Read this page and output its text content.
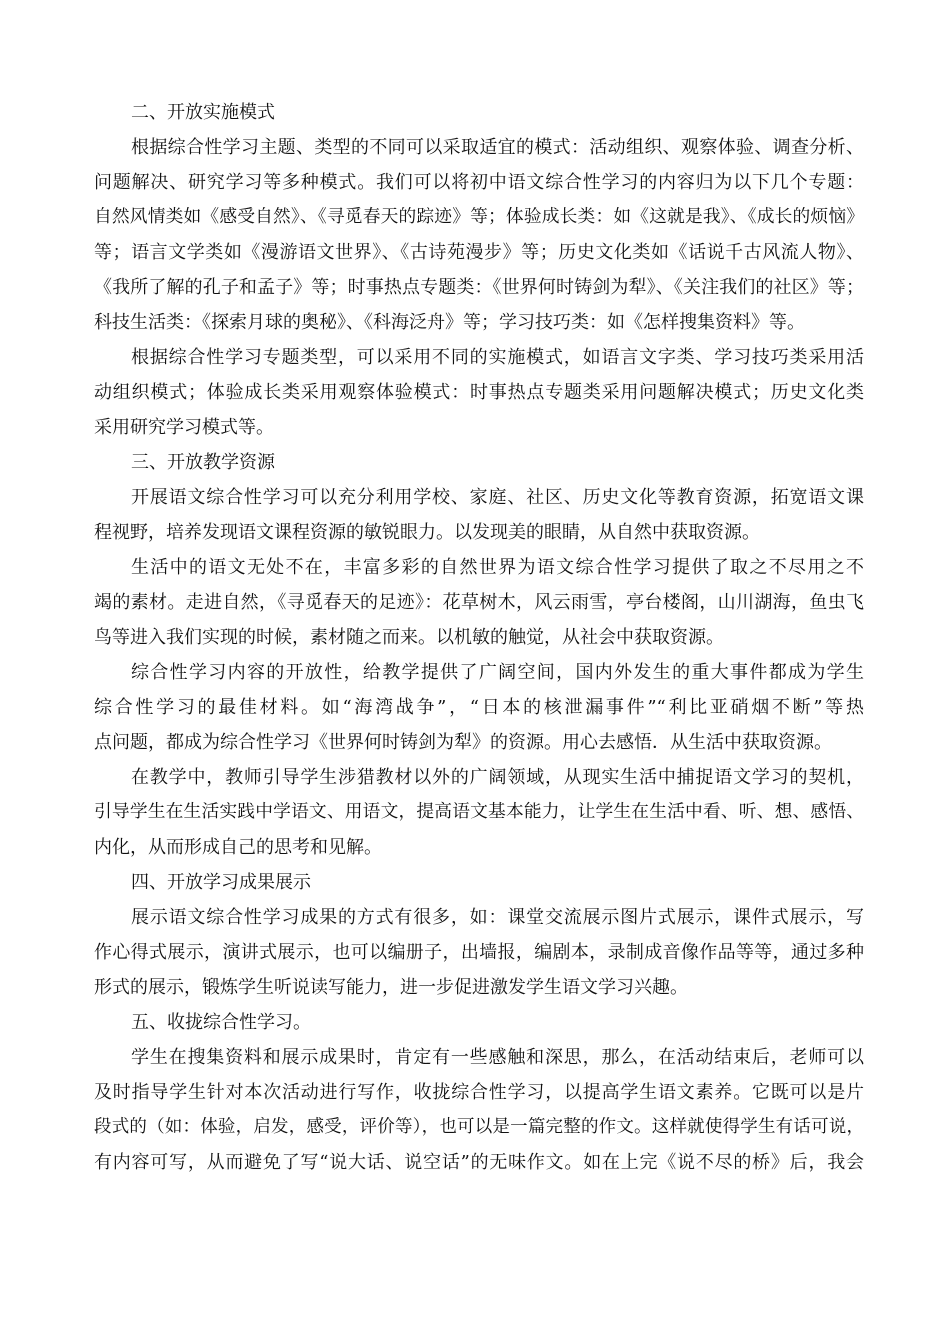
二、开放实施模式
根据综合性学习主题、类型的不同可以采取适宜的模式：活动组织、观察体验、调查分析、
问题解决、研究学习等多种模式。我们可以将初中语文综合性学习的内容归为以下几个专题：
自然风情类如《感受自然》、《寻觅春天的踪迹》等；体验成长类：如《这就是我》、《成长的烦恼》
等；语言文学类如《漫游语文世界》、《古诗苑漫步》等；历史文化类如《话说千古风流人物》、
《我所了解的孔子和孟子》等；时事热点专题类：《世界何时铸剑为犁》、《关注我们的社区》等；
科技生活类：《探索月球的奥秘》、《科海泛舟》等；学习技巧类：如《怎样搜集资料》等。
根据综合性学习专题类型，可以采用不同的实施模式，如语言文字类、学习技巧类采用活
动组织模式；体验成长类采用观察体验模式：时事热点专题类采用问题解决模式；历史文化类
采用研究学习模式等。
三、开放教学资源
开展语文综合性学习可以充分利用学校、家庭、社区、历史文化等教育资源，拓宽语文课
程视野，培养发现语文课程资源的敏锐眼力。以发现美的眼睛，从自然中获取资源。
生活中的语文无处不在，丰富多彩的自然世界为语文综合性学习提供了取之不尽用之不
竭的素材。走进自然，《寻觅春天的足迹》：花草树木，风云雨雪，亭台楼阁，山川湖海，鱼虫飞
鸟等进入我们实现的时候，素材随之而来。以机敏的触觉，从社会中获取资源。
综合性学习内容的开放性，给教学提供了广阔空间，国内外发生的重大事件都成为学生
综合性学习的最佳材料。如“海湾战争”，“日本的核泄漏事件”“利比亚硝烟不断”等热
点问题，都成为综合性学习《世界何时铸剑为犁》的资源。用心去感悟．从生活中获取资源。
在教学中，教师引导学生涉猎教材以外的广阔领域，从现实生活中捕捉语文学习的契机，
引导学生在生活实践中学语文、用语文，提高语文基本能力，让学生在生活中看、听、想、感悟、
内化，从而形成自己的思考和见解。
四、开放学习成果展示
展示语文综合性学习成果的方式有很多，如：课堂交流展示图片式展示，课件式展示，写
作心得式展示，演讲式展示，也可以编册子，出墙报，编剧本，录制成音像作品等等，通过多种
形式的展示，锻炼学生听说读写能力，进一步促进激发学生语文学习兴趣。
五、收拢综合性学习。
学生在搜集资料和展示成果时，肯定有一些感触和深思，那么，在活动结束后，老师可以
及时指导学生针对本次活动进行写作，收拢综合性学习，以提高学生语文素养。它既可以是片
段式的（如：体验，启发，感受，评价等），也可以是一篇完整的作文。这样就使得学生有话可说，
有内容可写，从而避免了写“说大话、说空话”的无味作文。如在上完《说不尽的桥》后，我会
